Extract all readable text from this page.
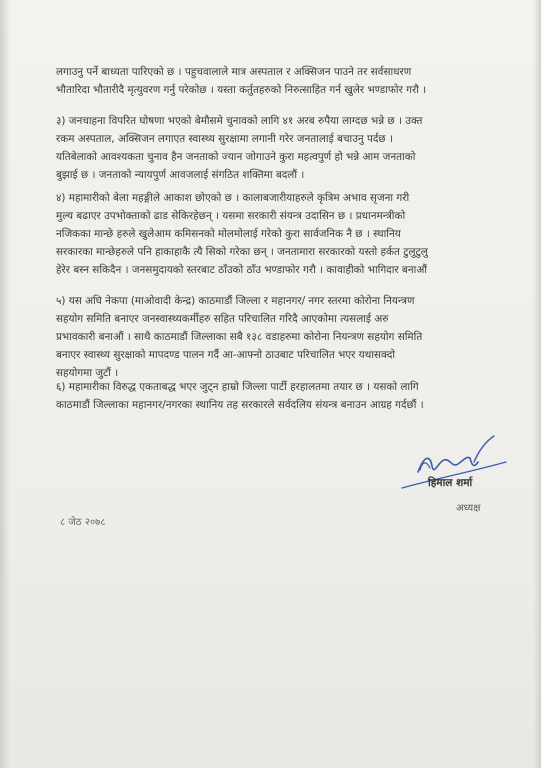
लगाउनु पर्ने बाध्यता पारिएको छ । पहुचवालाले मात्र अस्पताल र अक्सिजन पाउने तर सर्वसाधरण
भौतारिदा भौतारीदै मृत्युवरण गर्नु परेकोछ । यस्ता कर्तुतहरुको निरुत्साहित गर्न खुलेर भण्डाफोर गरौ ।

३) जनचाहना विपरित घोषणा भएको बेमौसमे चुनावको लागि ४१ अरब रुपैया लाग्दछ भन्ने छ । उक्त
रकम अस्पताल, अक्सिजन लगाएत स्वास्थ्य सुरक्षामा लगानी गरेर जनतालाई बचाउनु पर्दछ ।
यतिबेलाको आवश्यकता चुनाव हैन जनताको ज्यान जोगाउने कुरा महत्वपुर्ण हो भन्ने आम जनताको
बुझाई छ । जनताको न्यायपुर्ण आवजलाई संगठित शक्तिमा बदलौं ।

४) महामारीको बेला महङ्गीले आकाश छोएको छ । कालाबजारीयाहरुले कृत्रिम अभाव सृजना गरी
मुल्य बढाएर उपभोक्ताको ढाड सेकिरहेछन् । यसमा सरकारी संयन्त्र उदासिन छ । प्रधानमन्त्रीको
नजिकका मान्छे हरुले खुलेआम कमिसनको मोलमोलाई गरेको कुरा सार्वजनिक नै छ । स्थानिय
सरकारका मान्छेहरुले पनि हाकाहाकै त्यै सिको गरेका छन् । जनतामारा सरकारको यस्तो हर्कत टुलुटुलु
हेरेर बस्न सकिदैन । जनसमुदायको स्तरबाट ठाँउको ठाँउ भण्डाफोर गरौ । कावाहीको भागिदार बनाऔं

५) यस अघि नेकपा (माओवादी केन्द्र) काठमाडौं जिल्ला र महानगर/ नगर स्तरमा कोरोना नियन्त्रण
सहयोग समिति बनाएर जनस्वास्थ्यकर्मीहरु सहित परिचालित गरिदै आएकोमा त्यसलाई अरु
प्रभावकारी बनाऔं । साथै काठमाडौं जिल्लाका सबै १३८ वडाहरुमा कोरोना नियन्त्रण सहयोग समिति
बनाएर स्वास्थ्य सुरक्षाको मापदण्ड पालन गर्दै आ-आफ्नो ठाउबाट परिचालित भएर यथासक्दो
सहयोगमा जुटौं ।

६) महामारीका विरुद्ध एकताबद्ध भएर जुट्न हाम्रो जिल्ला पार्टी हरहालतमा तयार छ । यसको लागि
काठमाडौं जिल्लाका महानगर/नगरका स्थानिय तह सरकारले सर्वदलिय संयन्त्र बनाउन आग्रह गर्दछौं ।

हिमाल शर्मा
अध्यक्ष
८ जेठ २०७८
